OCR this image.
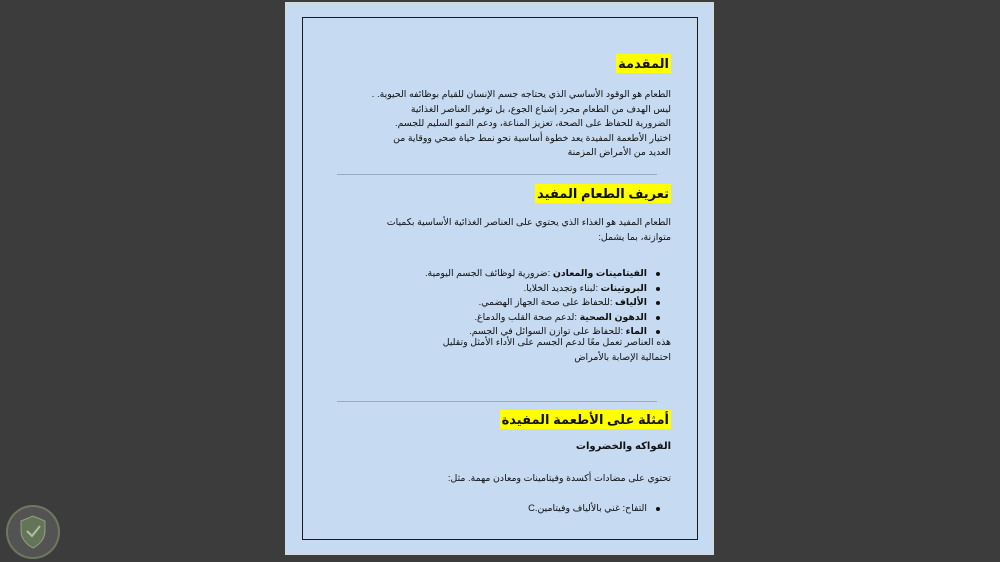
المقدمة
الطعام هو الوقود الأساسي الذي يحتاجه جسم الإنسان للقيام بوظائفه الحيوية. .
ليس الهدف من الطعام مجرد إشباع الجوع، بل توفير العناصر الغذائية
الضرورية للحفاظ على الصحة، تعزيز المناعة، ودعم النمو السليم للجسم.
اختيار الأطعمة المفيدة يعد خطوة أساسية نحو نمط حياة صحي ووقاية من
العديد من الأمراض المزمنة
تعريف الطعام المفيد
الطعام المفيد هو الغذاء الذي يحتوي على العناصر الغذائية الأساسية بكميات
متوازنة، بما يشمل:
الفيتامينات والمعادن :ضرورية لوظائف الجسم اليومية.
البروتينات :لبناء وتجديد الخلايا.
الألياف :للحفاظ على صحة الجهاز الهضمي.
الدهون الصحية :لدعم صحة القلب والدماغ.
الماء :للحفاظ على توازن السوائل في الجسم.
هذه العناصر تعمل معًا لدعم الجسم على الأداء الأمثل وتقليل
احتمالية الإصابة بالأمراض
أمثلة على الأطعمة المفيدة
الفواكه والخضروات
تحتوي على مضادات أكسدة وفيتامينات ومعادن مهمة. مثل:
التفاح: غني بالألياف وفيتامين.C
